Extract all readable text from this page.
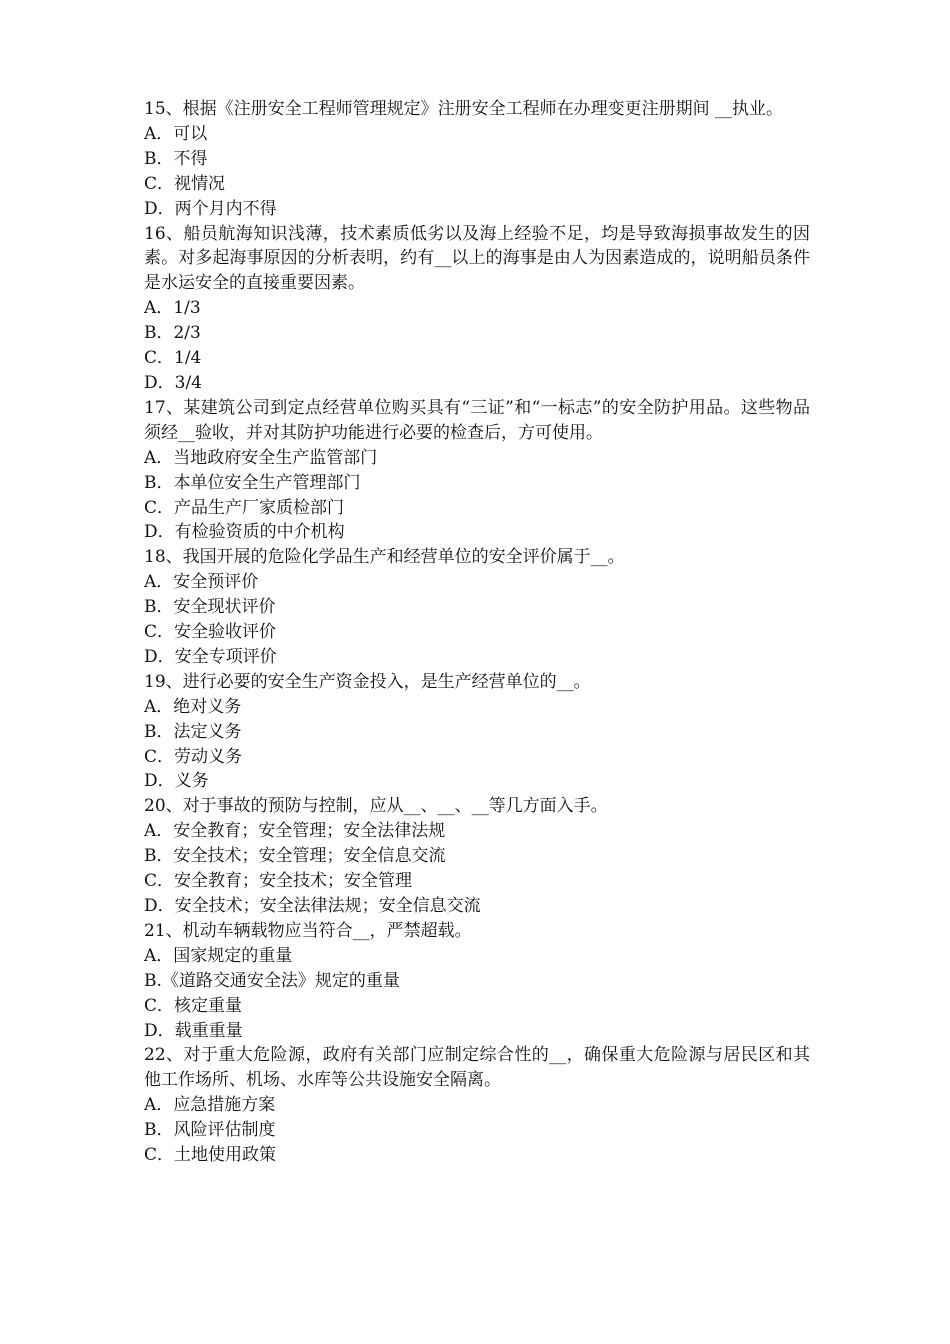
15、根据《注册安全工程师管理规定》注册安全工程师在办理变更注册期间 __执业。
A．可以
B．不得
C．视情况
D．两个月内不得
16、船员航海知识浅薄，技术素质低劣以及海上经验不足，均是导致海损事故发生的因素。对多起海事原因的分析表明，约有__以上的海事是由人为因素造成的，说明船员条件是水运安全的直接重要因素。
A．1/3
B．2/3
C．1/4
D．3/4
17、某建筑公司到定点经营单位购买具有“三证”和“一标志”的安全防护用品。这些物品须经__验收，并对其防护功能进行必要的检查后，方可使用。
A．当地政府安全生产监管部门
B．本单位安全生产管理部门
C．产品生产厂家质检部门
D．有检验资质的中介机构
18、我国开展的危险化学品生产和经营单位的安全评价属于__。
A．安全预评价
B．安全现状评价
C．安全验收评价
D．安全专项评价
19、进行必要的安全生产资金投入，是生产经营单位的__。
A．绝对义务
B．法定义务
C．劳动义务
D．义务
20、对于事故的预防与控制，应从__、__、__等几方面入手。
A．安全教育；安全管理；安全法律法规
B．安全技术；安全管理；安全信息交流
C．安全教育；安全技术；安全管理
D．安全技术；安全法律法规；安全信息交流
21、机动车辆载物应当符合__，严禁超载。
A．国家规定的重量
B.《道路交通安全法》规定的重量
C．核定重量
D．载重重量
22、对于重大危险源，政府有关部门应制定综合性的__，确保重大危险源与居民区和其他工作场所、机场、水库等公共设施安全隔离。
A．应急措施方案
B．风险评估制度
C．土地使用政策
